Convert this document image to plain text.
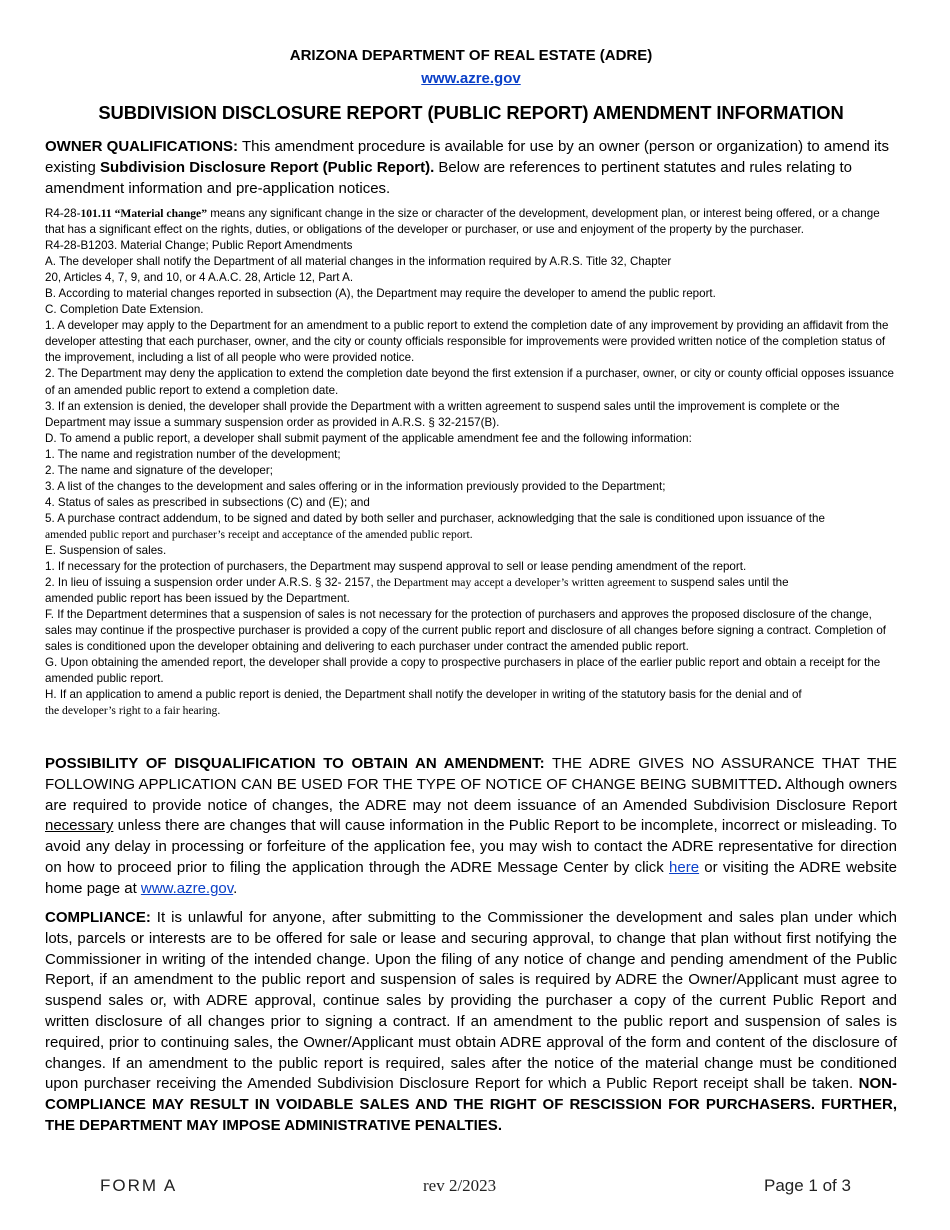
ARIZONA DEPARTMENT OF REAL ESTATE (ADRE)
www.azre.gov
SUBDIVISION DISCLOSURE REPORT (PUBLIC REPORT) AMENDMENT INFORMATION
OWNER QUALIFICATIONS: This amendment procedure is available for use by an owner (person or organization) to amend its existing Subdivision Disclosure Report (Public Report). Below are references to pertinent statutes and rules relating to amendment information and pre-application notices.
R4-28-101.11 “Material change” means any significant change in the size or character of the development, development plan, or interest being offered, or a change that has a significant effect on the rights, duties, or obligations of the developer or purchaser, or use and enjoyment of the property by the purchaser.
R4-28-B1203. Material Change; Public Report Amendments
A. The developer shall notify the Department of all material changes in the information required by A.R.S. Title 32, Chapter
20, Articles 4, 7, 9, and 10, or 4 A.A.C. 28, Article 12, Part A.
B. According to material changes reported in subsection (A), the Department may require the developer to amend the public report.
C. Completion Date Extension.
1. A developer may apply to the Department for an amendment to a public report to extend the completion date of any improvement by providing an affidavit from the developer attesting that each purchaser, owner, and the city or county officials responsible for improvements were provided written notice of the completion status of the improvement, including a list of all people who were provided notice.
2. The Department may deny the application to extend the completion date beyond the first extension if a purchaser, owner, or city or county official opposes issuance of an amended public report to extend a completion date.
3. If an extension is denied, the developer shall provide the Department with a written agreement to suspend sales until the improvement is complete or the Department may issue a summary suspension order as provided in A.R.S. § 32-2157(B).
D. To amend a public report, a developer shall submit payment of the applicable amendment fee and the following information:
1. The name and registration number of the development;
2. The name and signature of the developer;
3. A list of the changes to the development and sales offering or in the information previously provided to the Department;
4. Status of sales as prescribed in subsections (C) and (E); and
5. A purchase contract addendum, to be signed and dated by both seller and purchaser, acknowledging that the sale is conditioned upon issuance of the
amended public report and purchaser’s receipt and acceptance of the amended public report.
E. Suspension of sales.
1. If necessary for the protection of purchasers, the Department may suspend approval to sell or lease pending amendment of the report.
2. In lieu of issuing a suspension order under A.R.S. § 32- 2157, the Department may accept a developer’s written agreement to suspend sales until the
amended public report has been issued by the Department.
F. If the Department determines that a suspension of sales is not necessary for the protection of purchasers and approves the proposed disclosure of the change, sales may continue if the prospective purchaser is provided a copy of the current public report and disclosure of all changes before signing a contract. Completion of sales is conditioned upon the developer obtaining and delivering to each purchaser under contract the amended public report.
G. Upon obtaining the amended report, the developer shall provide a copy to prospective purchasers in place of the earlier public report and obtain a receipt for the amended public report.
H. If an application to amend a public report is denied, the Department shall notify the developer in writing of the statutory basis for the denial and of
the developer’s right to a fair hearing.
POSSIBILITY OF DISQUALIFICATION TO OBTAIN AN AMENDMENT: THE ADRE GIVES NO ASSURANCE THAT THE FOLLOWING APPLICATION CAN BE USED FOR THE TYPE OF NOTICE OF CHANGE BEING SUBMITTED. Although owners are required to provide notice of changes, the ADRE may not deem issuance of an Amended Subdivision Disclosure Report necessary unless there are changes that will cause information in the Public Report to be incomplete, incorrect or misleading. To avoid any delay in processing or forfeiture of the application fee, you may wish to contact the ADRE representative for direction on how to proceed prior to filing the application through the ADRE Message Center by click here or visiting the ADRE website home page at www.azre.gov.
COMPLIANCE: It is unlawful for anyone, after submitting to the Commissioner the development and sales plan under which lots, parcels or interests are to be offered for sale or lease and securing approval, to change that plan without first notifying the Commissioner in writing of the intended change. Upon the filing of any notice of change and pending amendment of the Public Report, if an amendment to the public report and suspension of sales is required by ADRE the Owner/Applicant must agree to suspend sales or, with ADRE approval, continue sales by providing the purchaser a copy of the current Public Report and written disclosure of all changes prior to signing a contract. If an amendment to the public report and suspension of sales is required, prior to continuing sales, the Owner/Applicant must obtain ADRE approval of the form and content of the disclosure of changes. If an amendment to the public report is required, sales after the notice of the material change must be conditioned upon purchaser receiving the Amended Subdivision Disclosure Report for which a Public Report receipt shall be taken. NON-COMPLIANCE MAY RESULT IN VOIDABLE SALES AND THE RIGHT OF RESCISSION FOR PURCHASERS. FURTHER, THE DEPARTMENT MAY IMPOSE ADMINISTRATIVE PENALTIES.
FORM A	rev 2/2023	Page 1 of 3
